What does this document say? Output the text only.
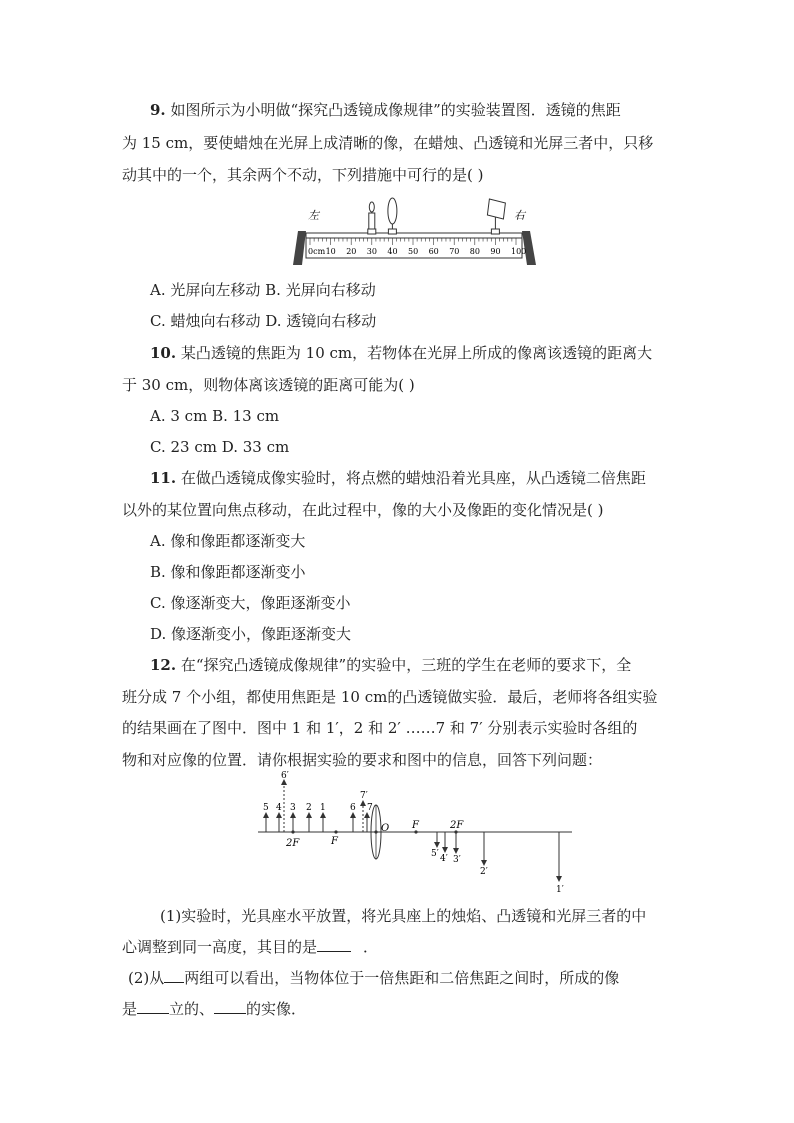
9. 如图所示为小明做“探究凸透镜成像规律”的实验装置图．透镜的焦距
为 15 cm，要使蜡烛在光屏上成清晰的像，在蜡烛、凸透镜和光屏三者中，只移
动其中的一个，其余两个不动，下列措施中可行的是( )
左	右
0cm 10 20 30 40 50 60 70 80 90 100
A. 光屏向左移动 B. 光屏向右移动
C. 蜡烛向右移动 D. 透镜向右移动
10. 某凸透镜的焦距为 10 cm，若物体在光屏上所成的像离该透镜的距离大
于 30 cm，则物体离该透镜的距离可能为( )
A. 3 cm B. 13 cm
C. 23 cm D. 33 cm
11. 在做凸透镜成像实验时，将点燃的蜡烛沿着光具座，从凸透镜二倍焦距
以外的某位置向焦点移动，在此过程中，像的大小及像距的变化情况是( )
A. 像和像距都逐渐变大
B. 像和像距都逐渐变小
C. 像逐渐变大，像距逐渐变小
D. 像逐渐变小，像距逐渐变大
12. 在“探究凸透镜成像规律”的实验中，三班的学生在老师的要求下，全
班分成 7 个小组，都使用焦距是 10 cm的凸透镜做实验．最后，老师将各组实验
的结果画在了图中．图中 1 和 1′，2 和 2′ ……7 和 7′ 分别表示实验时各组的
物和对应像的位置．请你根据实验的要求和图中的信息，回答下列问题：
2F	F
O F	2F
5 4 3 2 1	6 7
6′
7′
5′ 4′ 3′
2′
1′
(1)实验时，光具座水平放置，将光具座上的烛焰、凸透镜和光屏三者的中
心调整到同一高度，其目的是	．
(2)从 两组可以看出，当物体位于一倍焦距和二倍焦距之间时，所成的像
是 立的、 的实像．
